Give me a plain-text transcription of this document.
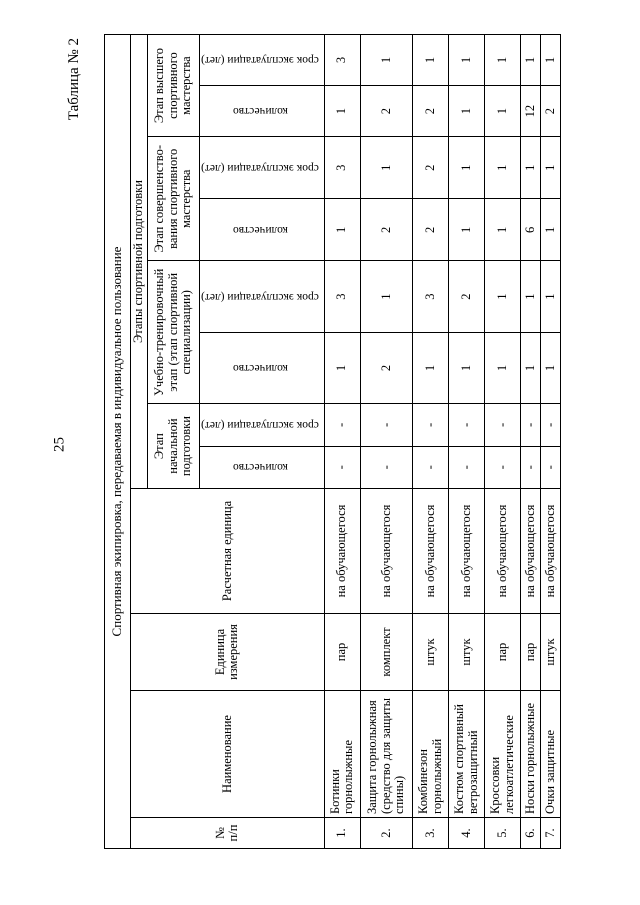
25
Таблица № 2
Спортивная экипировка, передаваемая в индивидуальное пользование											
№ п/п	Наименование	Единица измерения	Расчетная единица	Этапы спортивной подготовки							
				Этап начальной подготовки		Учебно-тренировочный этап (этап спортивной специализации)		Этап совершенство-вания спортивного мастерства		Этап высшего спортивного мастерства	
				количество	срок эксплуатации (лет)	количество	срок эксплуатации (лет)	количество	срок эксплуатации (лет)	количество	срок эксплуатации (лет)
1.	Ботинки горнолыжные	пар	на обучающегося	-	-	1	3	1	3	1	3
2.	Защита горнолыжная (средство для защиты спины)	комплект	на обучающегося	-	-	2	1	2	1	2	1
3.	Комбинезон горнолыжный	штук	на обучающегося	-	-	1	3	2	2	2	1
4.	Костюм спортивный ветрозащитный	штук	на обучающегося	-	-	1	2	1	1	1	1
5.	Кроссовки легкоатлетические	пар	на обучающегося	-	-	1	1	1	1	1	1
6.	Носки горнолыжные	пар	на обучающегося	-	-	1	1	6	1	12	1
7.	Очки защитные	штук	на обучающегося	-	-	1	1	1	1	2	1
